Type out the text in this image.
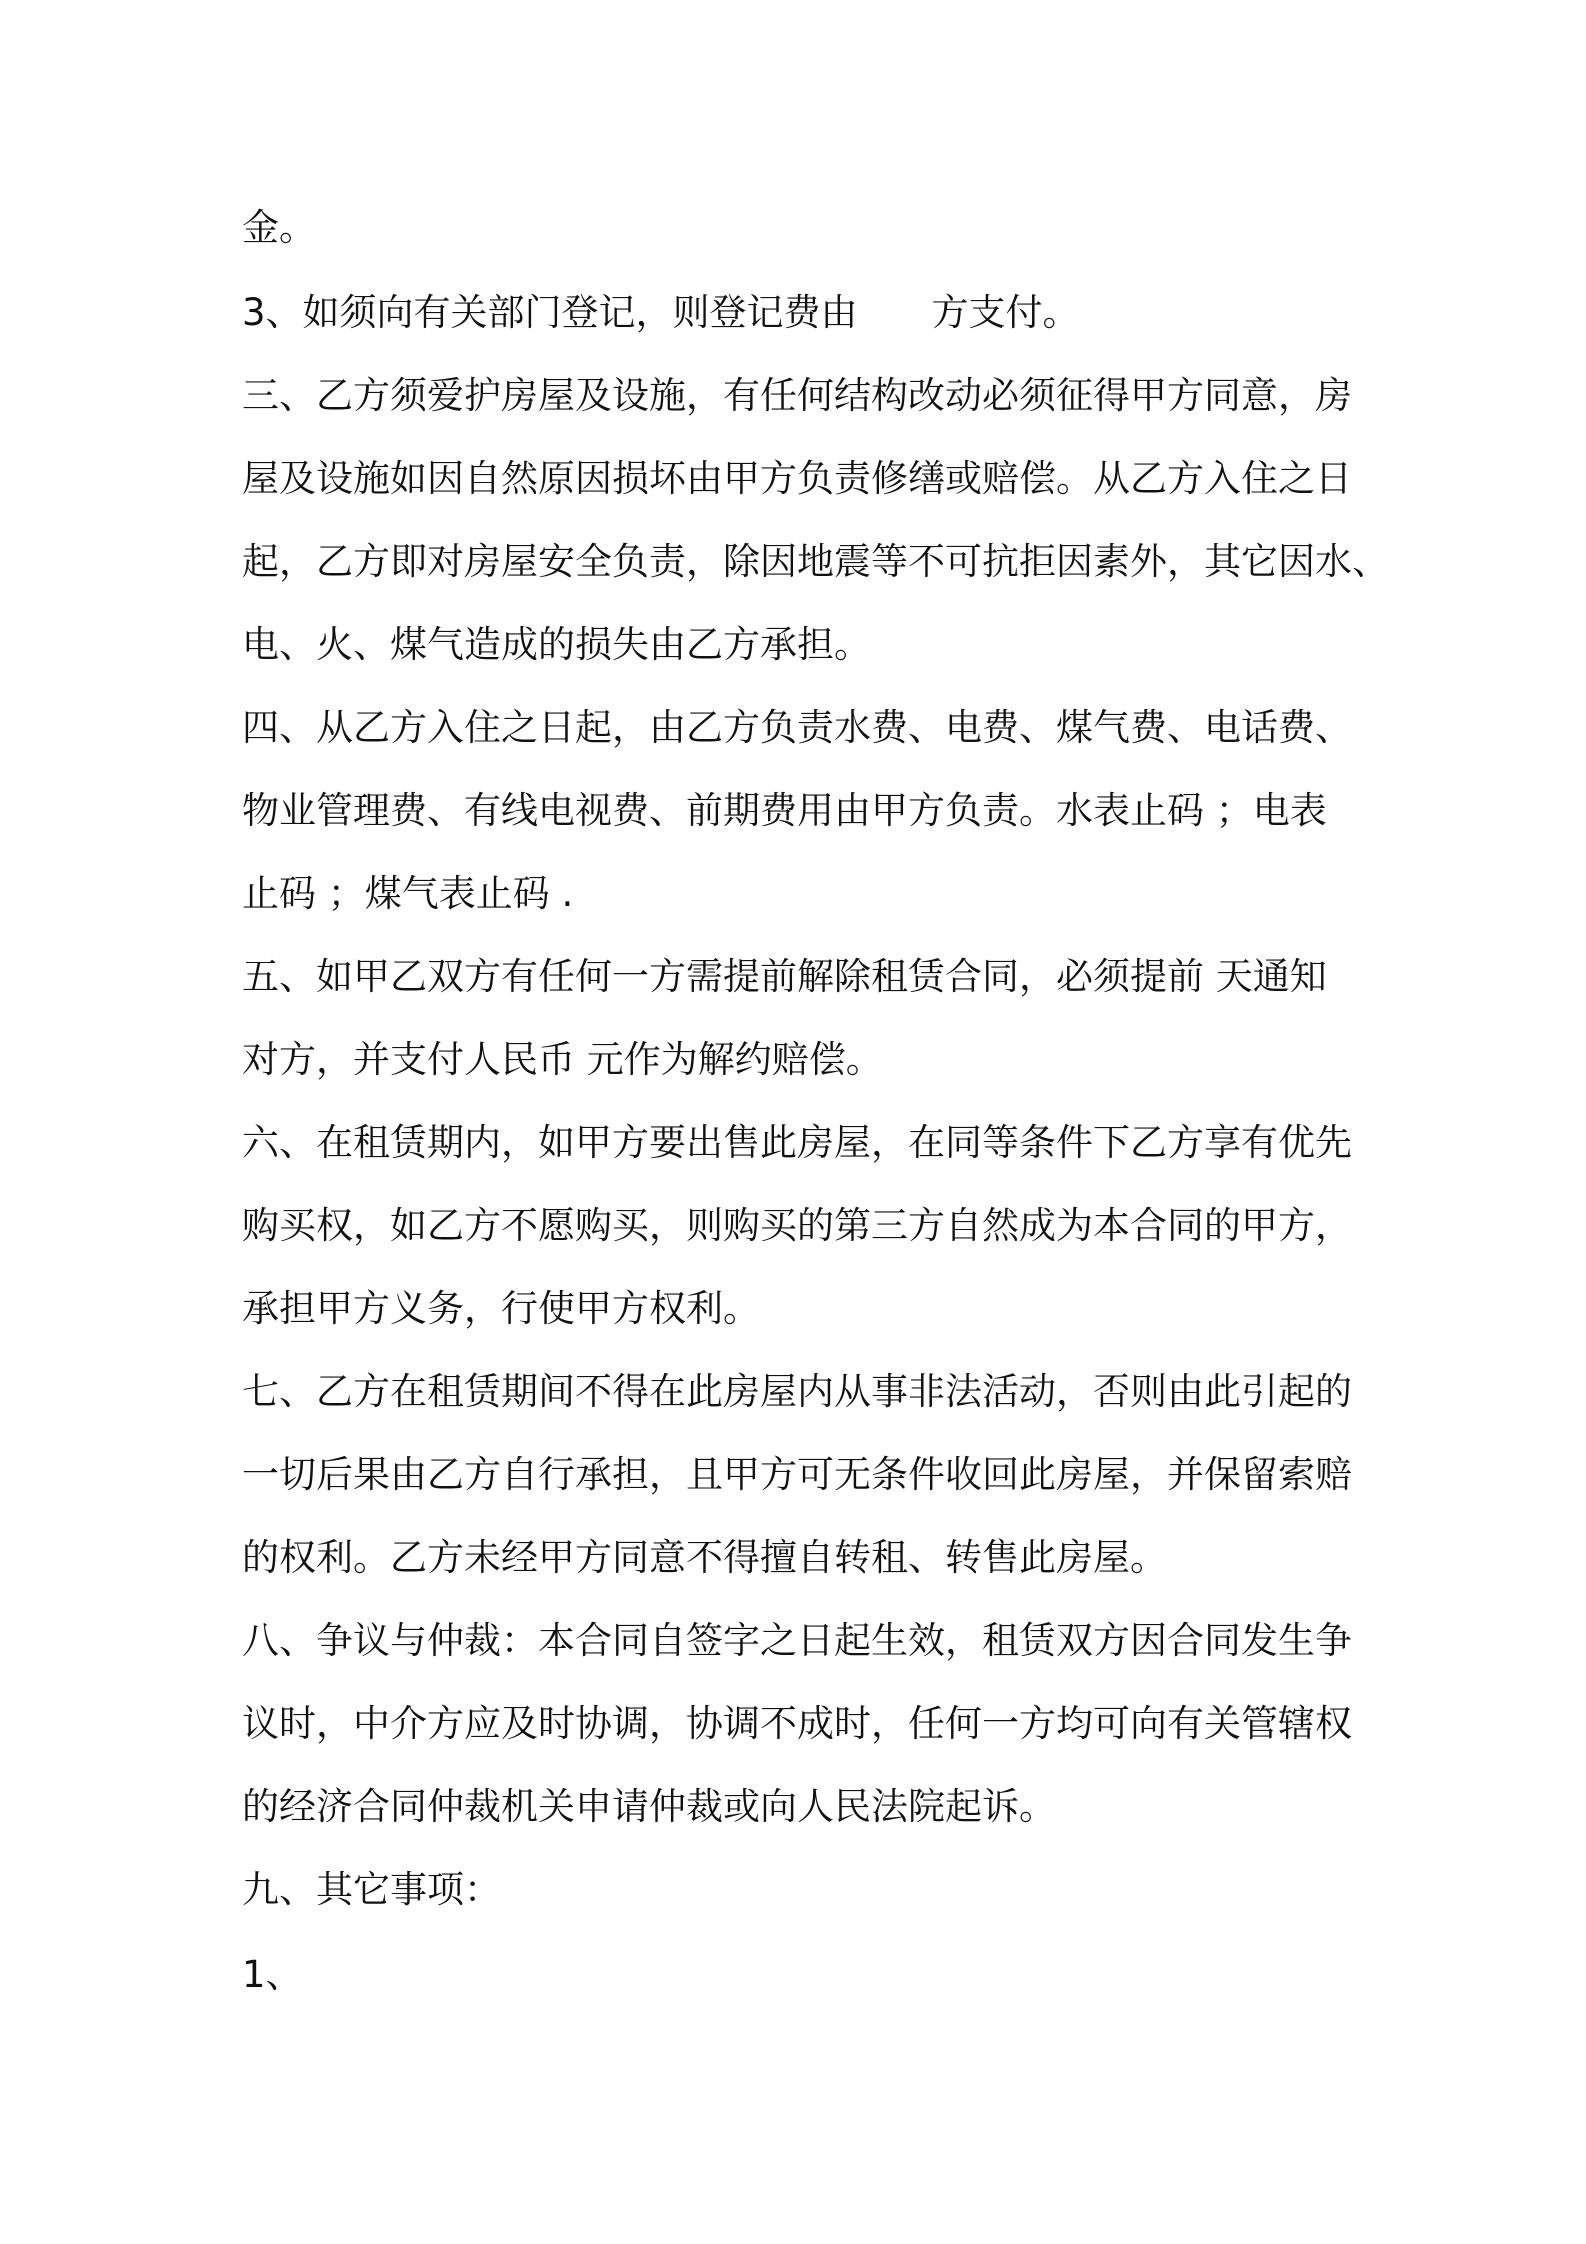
金。
3、如须向有关部门登记，则登记费由　　方支付。
三、乙方须爱护房屋及设施，有任何结构改动必须征得甲方同意，房
屋及设施如因自然原因损坏由甲方负责修缮或赔偿。从乙方入住之日
起，乙方即对房屋安全负责，除因地震等不可抗拒因素外，其它因水、
电、火、煤气造成的损失由乙方承担。
四、从乙方入住之日起，由乙方负责水费、电费、煤气费、电话费、
物业管理费、有线电视费、前期费用由甲方负责。水表止码 ；电表
止码 ；煤气表止码 .
五、如甲乙双方有任何一方需提前解除租赁合同，必须提前 天通知
对方，并支付人民币 元作为解约赔偿。
六、在租赁期内，如甲方要出售此房屋，在同等条件下乙方享有优先
购买权，如乙方不愿购买，则购买的第三方自然成为本合同的甲方，
承担甲方义务，行使甲方权利。
七、乙方在租赁期间不得在此房屋内从事非法活动，否则由此引起的
一切后果由乙方自行承担，且甲方可无条件收回此房屋，并保留索赔
的权利。乙方未经甲方同意不得擅自转租、转售此房屋。
八、争议与仲裁：本合同自签字之日起生效，租赁双方因合同发生争
议时，中介方应及时协调，协调不成时，任何一方均可向有关管辖权
的经济合同仲裁机关申请仲裁或向人民法院起诉。
九、其它事项：
1、
